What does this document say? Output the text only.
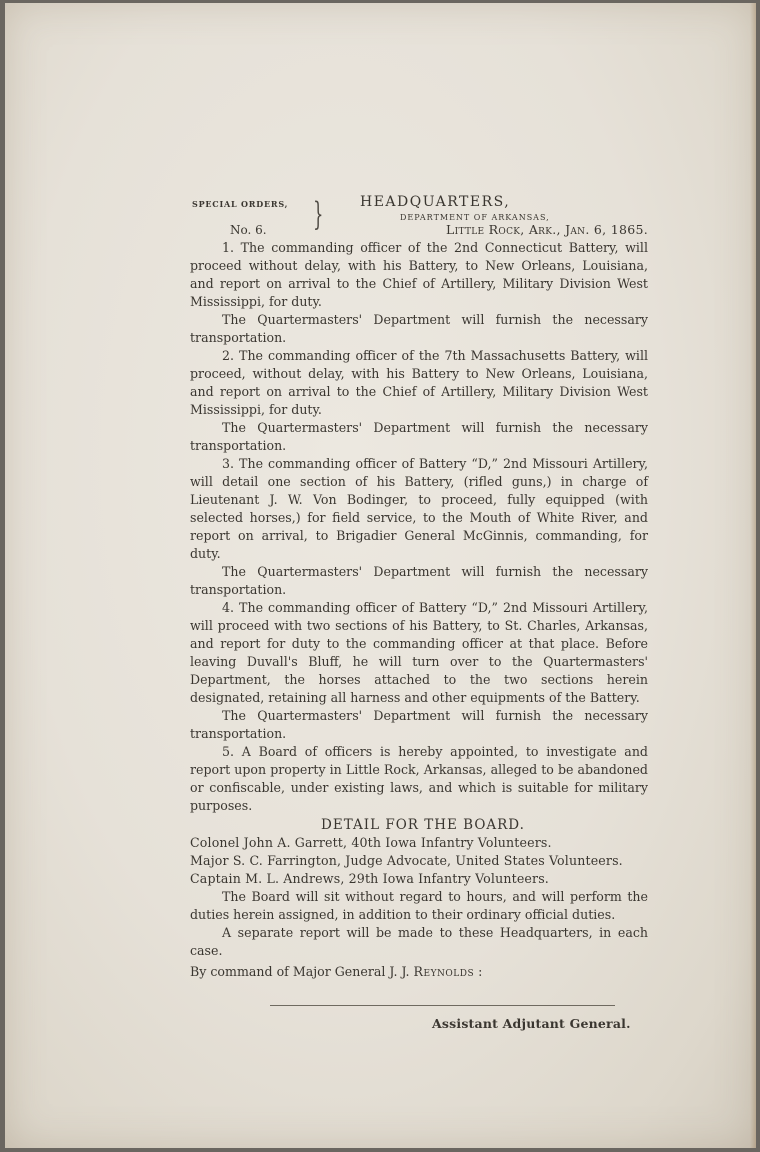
SPECIAL ORDERS,
No. 6. }	HEADQUARTERS,
DEPARTMENT OF ARKANSAS,
Little Rock, Ark., Jan. 6, 1865.

1. The commanding officer of the 2nd Connecticut Battery, will proceed without delay, with his Battery, to New Orleans, Louisiana, and report on arrival to the Chief of Artillery, Military Division West Mississippi, for duty.

The Quartermasters' Department will furnish the necessary transportation.

2. The commanding officer of the 7th Massachusetts Battery, will proceed, without delay, with his Battery to New Orleans, Louisiana, and report on arrival to the Chief of Artillery, Military Division West Mississippi, for duty.

The Quartermasters' Department will furnish the necessary transportation.

3. The commanding officer of Battery “D,” 2nd Missouri Artillery, will detail one section of his Battery, (rifled guns,) in charge of Lieutenant J. W. Von Bodinger, to proceed, fully equipped (with selected horses,) for field service, to the Mouth of White River, and report on arrival, to Brigadier General McGinnis, commanding, for duty.

The Quartermasters' Department will furnish the necessary transportation.

4. The commanding officer of Battery “D,” 2nd Missouri Artillery, will proceed with two sections of his Battery, to St. Charles, Arkansas, and report for duty to the commanding officer at that place. Before leaving Duvall's Bluff, he will turn over to the Quartermasters' Department, the horses attached to the two sections herein designated, retaining all harness and other equipments of the Battery.

The Quartermasters' Department will furnish the necessary transportation.

5. A Board of officers is hereby appointed, to investigate and report upon property in Little Rock, Arkansas, alleged to be abandoned or confiscable, under existing laws, and which is suitable for military purposes.

DETAIL FOR THE BOARD.

Colonel John A. Garrett, 40th Iowa Infantry Volunteers.

Major S. C. Farrington, Judge Advocate, United States Volunteers.

Captain M. L. Andrews, 29th Iowa Infantry Volunteers.

The Board will sit without regard to hours, and will perform the duties herein assigned, in addition to their ordinary official duties.

A separate report will be made to these Headquarters, in each case.

By command of Major General J. J. Reynolds :

Assistant Adjutant General.
